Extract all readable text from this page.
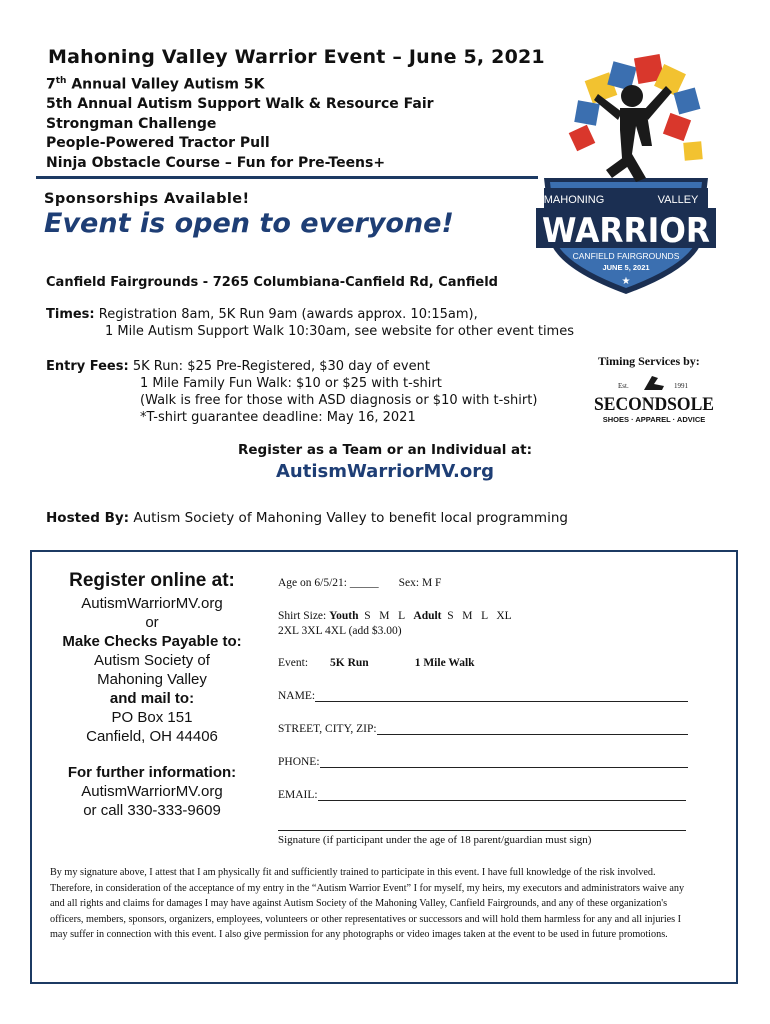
Mahoning Valley Warrior Event – June 5, 2021
7th Annual Valley Autism 5K
5th Annual Autism Support Walk & Resource Fair
Strongman Challenge
People-Powered Tractor Pull
Ninja Obstacle Course – Fun for Pre-Teens+
Sponsorships Available!
Event is open to everyone!
MAHONING	VALLEY
WARRIOR
CANFIELD FAIRGROUNDS
JUNE 5, 2021
★
Canfield Fairgrounds - 7265 Columbiana-Canfield Rd, Canfield
Times: Registration 8am, 5K Run 9am (awards approx. 10:15am),
1 Mile Autism Support Walk 10:30am, see website for other event times
Entry Fees: 5K Run: $25 Pre-Registered, $30 day of event
1 Mile Family Fun Walk: $10 or $25 with t-shirt
(Walk is free for those with ASD diagnosis or $10 with t-shirt)
*T-shirt guarantee deadline: May 16, 2021
Timing Services by:
Est.	1991
SECONDSOLE
SHOES · APPAREL · ADVICE
Register as a Team or an Individual at:
AutismWarriorMV.org
Hosted By: Autism Society of Mahoning Valley to benefit local programming
Register online at:
AutismWarriorMV.org
or
Make Checks Payable to:
Autism Society of
Mahoning Valley
and mail to:
PO Box 151
Canfield, OH 44406
For further information:
AutismWarriorMV.org
or call 330-333-9609
Age on 6/5/21: _____ Sex: M F
Shirt Size: Youth  S   M   L   Adult  S   M   L   XL
2XL 3XL 4XL (add $3.00)
Event: 5K Run	1 Mile Walk
NAME:
STREET, CITY, ZIP:
PHONE:
EMAIL:
Signature (if participant under the age of 18 parent/guardian must sign)
By my signature above, I attest that I am physically fit and sufficiently trained to participate in this event. I have full knowledge of the risk involved. Therefore, in consideration of the acceptance of my entry in the “Autism Warrior Event” I for myself, my heirs, my executors and administrators waive any and all rights and claims for damages I may have against Autism Society of the Mahoning Valley, Canfield Fairgrounds, and any of these organization's officers, members, sponsors, organizers, employees, volunteers or other representatives or successors and will hold them harmless for any and all injuries I may suffer in connection with this event. I also give permission for any photographs or video images taken at the event to be used in future promotions.
